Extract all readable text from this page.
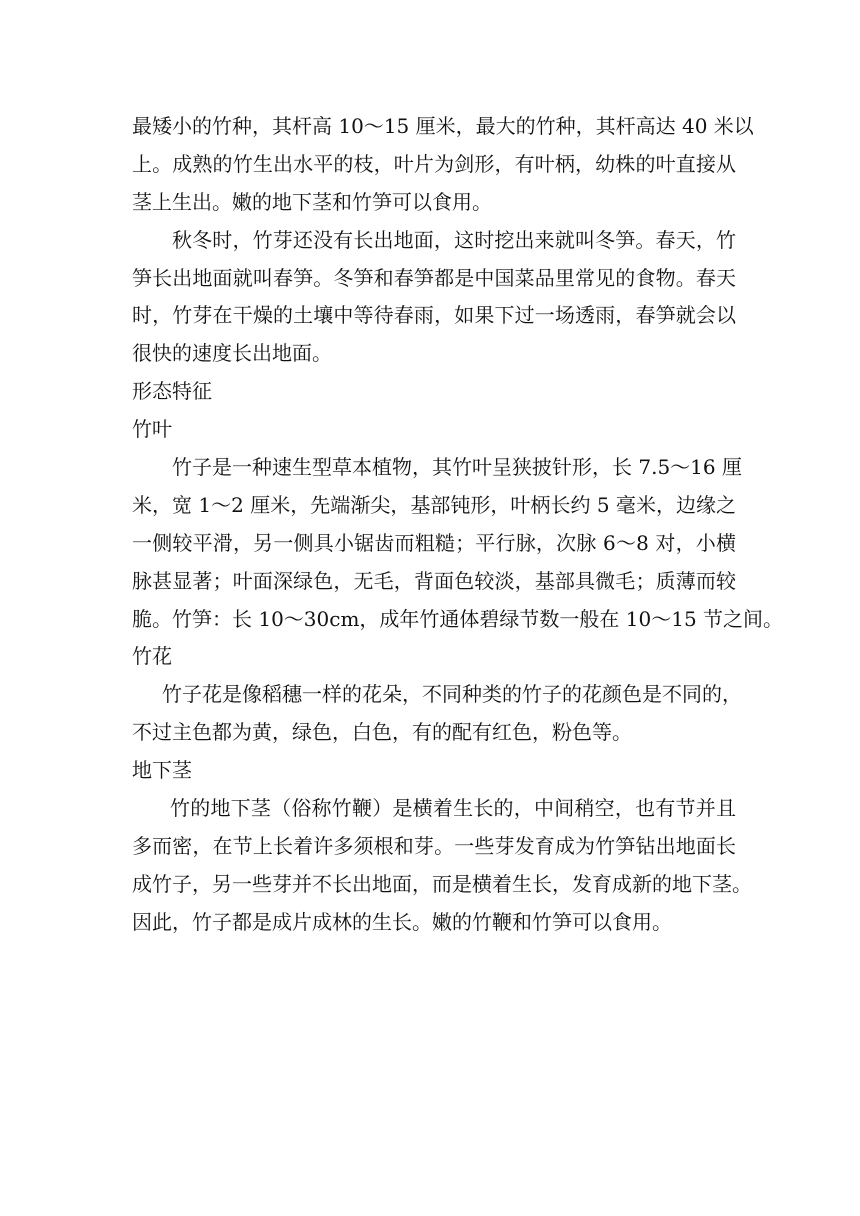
最矮小的竹种，其杆高 10～15 厘米，最大的竹种，其杆高达 40 米以
上。成熟的竹生出水平的枝，叶片为剑形，有叶柄，幼株的叶直接从
茎上生出。嫩的地下茎和竹笋可以食用。
秋冬时，竹芽还没有长出地面，这时挖出来就叫冬笋。春天，竹
笋长出地面就叫春笋。冬笋和春笋都是中国菜品里常见的食物。春天
时，竹芽在干燥的土壤中等待春雨，如果下过一场透雨，春笋就会以
很快的速度长出地面。
形态特征
竹叶
竹子是一种速生型草本植物，其竹叶呈狭披针形，长 7.5～16 厘
米，宽 1～2 厘米，先端渐尖，基部钝形，叶柄长约 5 毫米，边缘之
一侧较平滑，另一侧具小锯齿而粗糙；平行脉，次脉 6～8 对，小横
脉甚显著；叶面深绿色，无毛，背面色较淡，基部具微毛；质薄而较
脆。竹笋：长 10～30cm，成年竹通体碧绿节数一般在 10～15 节之间。
竹花
竹子花是像稻穗一样的花朵，不同种类的竹子的花颜色是不同的，
不过主色都为黄，绿色，白色，有的配有红色，粉色等。
地下茎
竹的地下茎（俗称竹鞭）是横着生长的，中间稍空，也有节并且
多而密，在节上长着许多须根和芽。一些芽发育成为竹笋钻出地面长
成竹子，另一些芽并不长出地面，而是横着生长，发育成新的地下茎。
因此，竹子都是成片成林的生长。嫩的竹鞭和竹笋可以食用。
